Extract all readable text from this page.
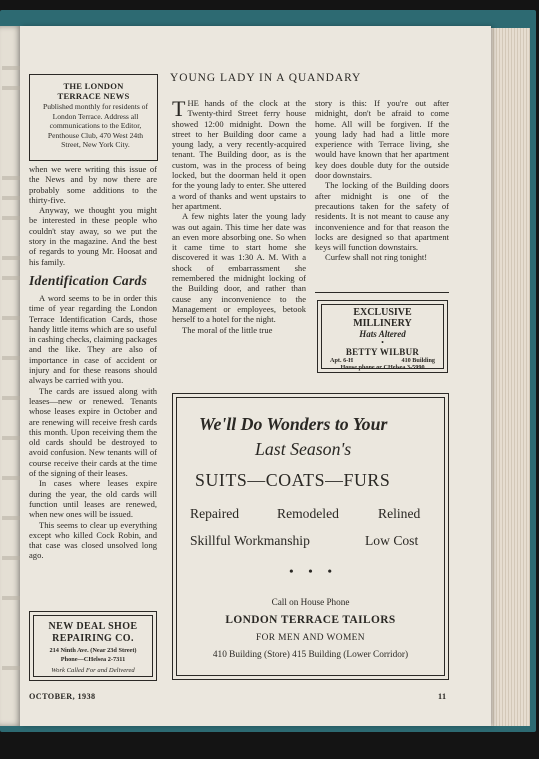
THE LONDON TERRACE NEWS
Published monthly for residents of London Terrace. Address all communications to the Editor, Penthouse Club, 470 West 24th Street, New York City.

when we were writing this issue of the News and by now there are probably some additions to the thirty-five.

Anyway, we thought you might be interested in these people who couldn't stay away, so we put the story in the magazine. And the best of regards to young Mr. Hoosat and his family.

Identification Cards

A word seems to be in order this time of year regarding the London Terrace Identification Cards, those handy little items which are so useful in cashing checks, claiming packages and the like. They are also of importance in case of accident or injury and for these reasons should always be carried with you.

The cards are issued along with leases—new or renewed. Tenants whose leases expire in October and are renewing will receive fresh cards this month. Upon receiving them the old cards should be destroyed to avoid confusion. New tenants will of course receive their cards at the time of the signing of their leases.

In cases where leases expire during the year, the old cards will function until leases are renewed, when new ones will be issued.

This seems to clear up everything except who killed Cock Robin, and that case was closed unsolved long ago.

NEW DEAL SHOE
REPAIRING CO.
214 Ninth Ave. (Near 23d Street)
Phone—CHelsea 2-7311
Work Called For and Delivered
YOUNG LADY IN A QUANDARY
T HE hands of the clock at the Twenty-third Street ferry house showed 12:00 midnight. Down the street to her Building door came a young lady, a very recently-acquired tenant. The Building door, as is the custom, was in the process of being locked, but the doorman held it open for the young lady to enter. She uttered a word of thanks and went upstairs to her apartment.

A few nights later the young lady was out again. This time her date was an even more absorbing one. So when it came time to start home she discovered it was 1:30 A. M. With a shock of embarrassment she remembered the midnight locking of the Building door, and rather than cause any inconvenience to the Management or employees, betook herself to a hotel for the night.

The moral of the little true

story is this: If you're out after midnight, don't be afraid to come home. All will be forgiven. If the young lady had had a little more experience with Terrace living, she would have known that her apartment key does double duty for the outside door downstairs.

The locking of the Building doors after midnight is one of the precautions taken for the safety of residents. It is not meant to cause any inconvenience and for that reason the locks are designed so that apartment keys will function downstairs.

Curfew shall not ring tonight!

EXCLUSIVE
MILLINERY
Hats Altered
•
BETTY WILBUR
Apt. 6-H	410 Building
House phone or CHelsea 3-5990
We'll Do Wonders to Your
Last Season's
SUITS—COATS—FURS
Repaired	Remodeled	Relined
Skillful Workmanship	Low Cost
•     •     •
Call on House Phone
LONDON TERRACE TAILORS
FOR MEN AND WOMEN
410 Building (Store) 415 Building (Lower Corridor)
OCTOBER, 1938	11
